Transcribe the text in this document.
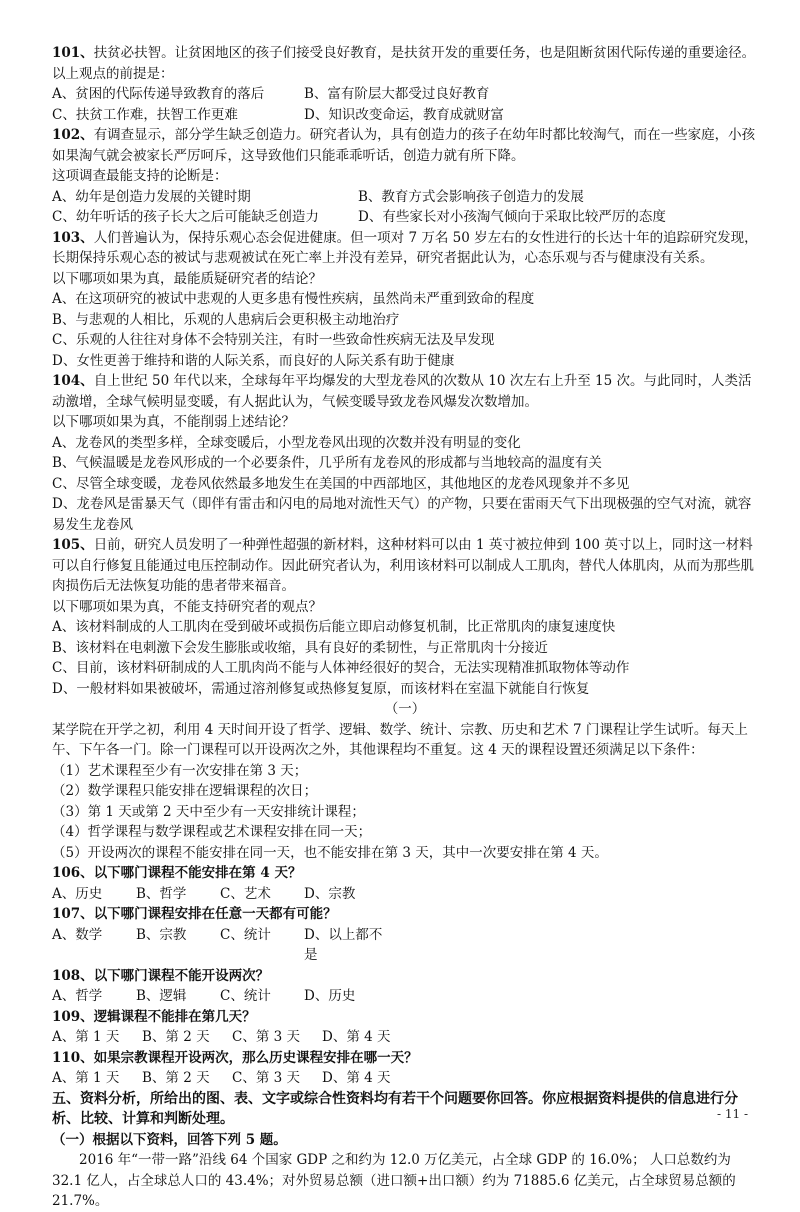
101、扶贫必扶智。让贫困地区的孩子们接受良好教育，是扶贫开发的重要任务，也是阻断贫困代际传递的重要途径。

以上观点的前提是：

A、贫困的代际传递导致教育的落后	B、富有阶层大都受过良好教育
C、扶贫工作难，扶智工作更难	D、知识改变命运，教育成就财富

102、有调查显示，部分学生缺乏创造力。研究者认为，具有创造力的孩子在幼年时都比较淘气，而在一些家庭，小孩如果淘气就会被家长严厉呵斥，这导致他们只能乖乖听话，创造力就有所下降。

这项调查最能支持的论断是：

A、幼年是创造力发展的关键时期	B、教育方式会影响孩子创造力的发展
C、幼年听话的孩子长大之后可能缺乏创造力	D、有些家长对小孩淘气倾向于采取比较严厉的态度

103、人们普遍认为，保持乐观心态会促进健康。但一项对 7 万名 50 岁左右的女性进行的长达十年的追踪研究发现，长期保持乐观心态的被试与悲观被试在死亡率上并没有差异，研究者据此认为，心态乐观与否与健康没有关系。

以下哪项如果为真，最能质疑研究者的结论？

A、在这项研究的被试中悲观的人更多患有慢性疾病，虽然尚未严重到致命的程度

B、与悲观的人相比，乐观的人患病后会更积极主动地治疗

C、乐观的人往往对身体不会特别关注，有时一些致命性疾病无法及早发现

D、女性更善于维持和谐的人际关系，而良好的人际关系有助于健康

104、自上世纪 50 年代以来，全球每年平均爆发的大型龙卷风的次数从 10 次左右上升至 15 次。与此同时，人类活动激增，全球气候明显变暖，有人据此认为，气候变暖导致龙卷风爆发次数增加。

以下哪项如果为真，不能削弱上述结论？

A、龙卷风的类型多样，全球变暖后，小型龙卷风出现的次数并没有明显的变化

B、气候温暖是龙卷风形成的一个必要条件，几乎所有龙卷风的形成都与当地较高的温度有关

C、尽管全球变暖，龙卷风依然最多地发生在美国的中西部地区，其他地区的龙卷风现象并不多见

D、龙卷风是雷暴天气（即伴有雷击和闪电的局地对流性天气）的产物，只要在雷雨天气下出现极强的空气对流，就容易发生龙卷风

105、日前，研究人员发明了一种弹性超强的新材料，这种材料可以由 1 英寸被拉伸到 100 英寸以上，同时这一材料可以自行修复且能通过电压控制动作。因此研究者认为，利用该材料可以制成人工肌肉，替代人体肌肉，从而为那些肌肉损伤后无法恢复功能的患者带来福音。

以下哪项如果为真，不能支持研究者的观点？

A、该材料制成的人工肌肉在受到破坏或损伤后能立即启动修复机制，比正常肌肉的康复速度快

B、该材料在电刺激下会发生膨胀或收缩，具有良好的柔韧性，与正常肌肉十分接近

C、目前，该材料研制成的人工肌肉尚不能与人体神经很好的契合，无法实现精准抓取物体等动作

D、一般材料如果被破坏，需通过溶剂修复或热修复复原，而该材料在室温下就能自行恢复

（一）

某学院在开学之初，利用 4 天时间开设了哲学、逻辑、数学、统计、宗教、历史和艺术 7 门课程让学生试听。每天上午、下午各一门。除一门课程可以开设两次之外，其他课程均不重复。这 4 天的课程设置还须满足以下条件：

（1）艺术课程至少有一次安排在第 3 天；

（2）数学课程只能安排在逻辑课程的次日；

（3）第 1 天或第 2 天中至少有一天安排统计课程；

（4）哲学课程与数学课程或艺术课程安排在同一天；

（5）开设两次的课程不能安排在同一天，也不能安排在第 3 天，其中一次要安排在第 4 天。

106、以下哪门课程不能安排在第 4 天？

A、历史	B、哲学	C、艺术	D、宗教

107、以下哪门课程安排在任意一天都有可能？

A、数学	B、宗教	C、统计	D、以上都不是

108、以下哪门课程不能开设两次？

A、哲学	B、逻辑	C、统计	D、历史

109、逻辑课程不能排在第几天？

A、第 1 天	B、第 2 天	C、第 3 天	D、第 4 天

110、如果宗教课程开设两次，那么历史课程安排在哪一天？

A、第 1 天	B、第 2 天	C、第 3 天	D、第 4 天

五、资料分析，所给出的图、表、文字或综合性资料均有若干个问题要你回答。你应根据资料提供的信息进行分析、比较、计算和判断处理。

（一）根据以下资料，回答下列 5 题。

2016 年“一带一路”沿线 64 个国家 GDP 之和约为 12.0 万亿美元，占全球 GDP 的 16.0%； 人口总数约为 32.1 亿人，占全球总人口的 43.4%；对外贸易总额（进口额+出口额）约为 71885.6 亿美元，占全球贸易总额的 21.7%。

- 11 -
